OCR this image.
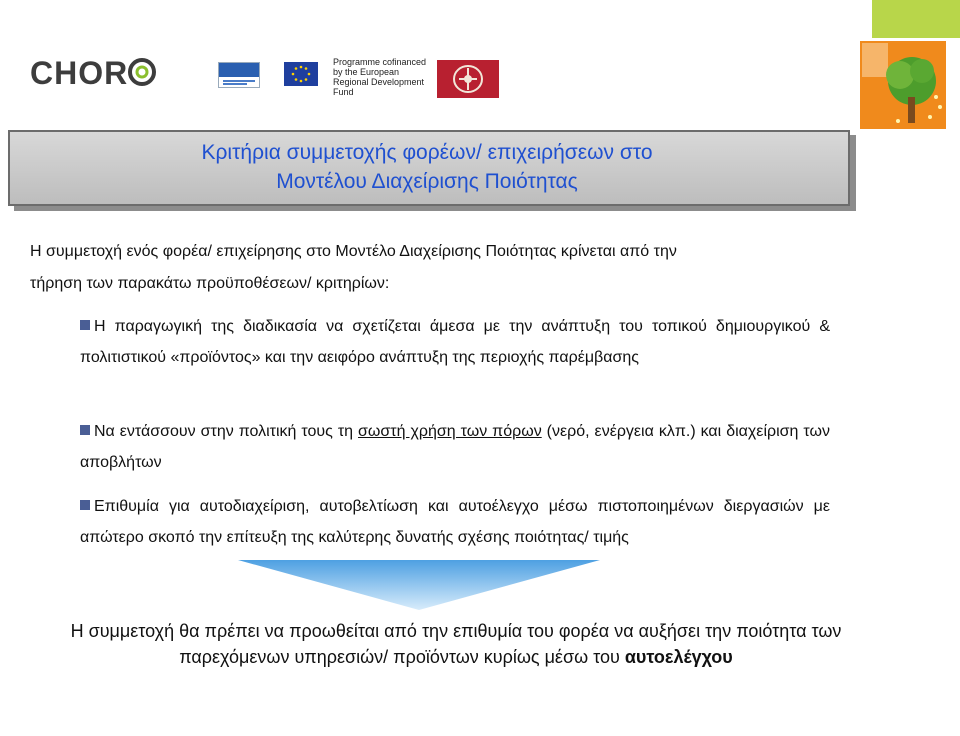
CHOR	Programme cofinanced by the European Regional Development Fund
Κριτήρια συμμετοχής φορέων/ επιχειρήσεων στο
Μοντέλου Διαχείρισης Ποιότητας
Η συμμετοχή ενός φορέα/ επιχείρησης στο Μοντέλο Διαχείρισης Ποιότητας κρίνεται από την
τήρηση των παρακάτω προϋποθέσεων/ κριτηρίων:
Η παραγωγική της διαδικασία να σχετίζεται άμεσα με την ανάπτυξη του τοπικού δημιουργικού & πολιτιστικού «προϊόντος» και την αειφόρο ανάπτυξη της περιοχής παρέμβασης
Να εντάσσουν στην πολιτική τους τη σωστή χρήση των πόρων (νερό, ενέργεια κλπ.) και διαχείριση των αποβλήτων
Επιθυμία για αυτοδιαχείριση, αυτοβελτίωση και αυτοέλεγχο μέσω πιστοποιημένων διεργασιών με απώτερο σκοπό την επίτευξη της καλύτερης δυνατής σχέσης ποιότητας/ τιμής
Η συμμετοχή θα πρέπει να προωθείται από την επιθυμία του φορέα να αυξήσει την ποιότητα των παρεχόμενων υπηρεσιών/ προϊόντων κυρίως μέσω του αυτοελέγχου
